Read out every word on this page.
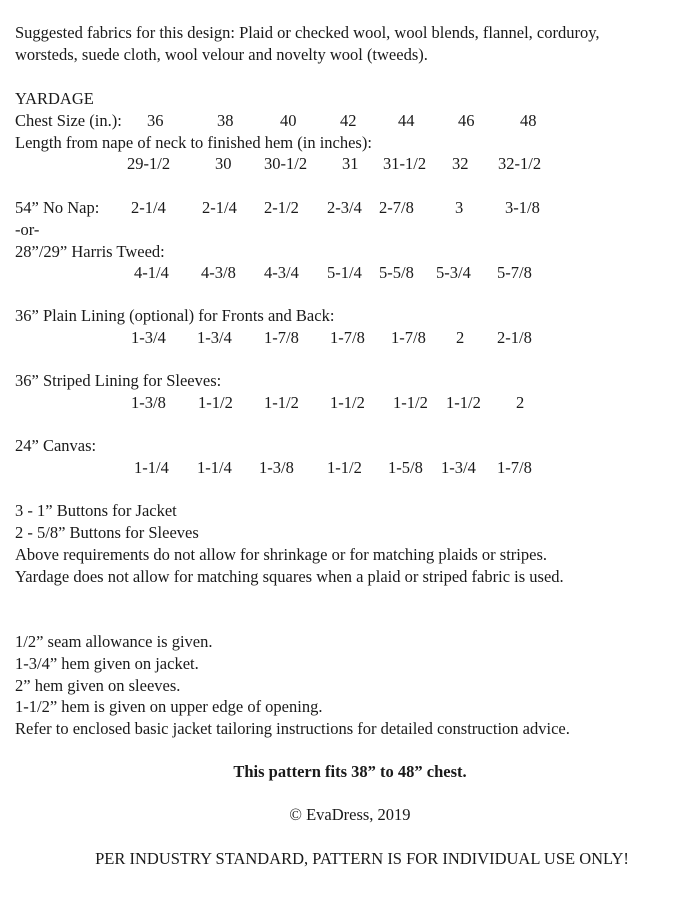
Suggested fabrics for this design: Plaid or checked wool, wool blends, flannel, corduroy,
worsteds, suede cloth, wool velour and novelty wool (tweeds).
YARDAGE
Chest Size (in.): 36	38	40	42	44	46	48
Length from nape of neck to finished hem (in inches):
29-1/2	30 30-1/2 31 31-1/2 32 32-1/2
54” No Nap: 2-1/4 2-1/4 2-1/2 2-3/4 2-7/8 3	3-1/8
-or-
28”/29” Harris Tweed:
4-1/4 4-3/8 4-3/4 5-1/4 5-5/8 5-3/4 5-7/8
36” Plain Lining (optional) for Fronts and Back:
1-3/4 1-3/4 1-7/8 1-7/8 1-7/8 2 2-1/8
36” Striped Lining for Sleeves:
1-3/8 1-1/2 1-1/2 1-1/2 1-1/2 1-1/2 2
24” Canvas:
1-1/4 1-1/4 1-3/8 1-1/2 1-5/8 1-3/4 1-7/8
3 - 1” Buttons for Jacket
2 - 5/8” Buttons for Sleeves
Above requirements do not allow for shrinkage or for matching plaids or stripes.
Yardage does not allow for matching squares when a plaid or striped fabric is used.
1/2” seam allowance is given.
1-3/4” hem given on jacket.
2” hem given on sleeves.
1-1/2” hem is given on upper edge of opening.
Refer to enclosed basic jacket tailoring instructions for detailed construction advice.
This pattern fits 38” to 48” chest.
© EvaDress, 2019
PER INDUSTRY STANDARD, PATTERN IS FOR INDIVIDUAL USE ONLY!
